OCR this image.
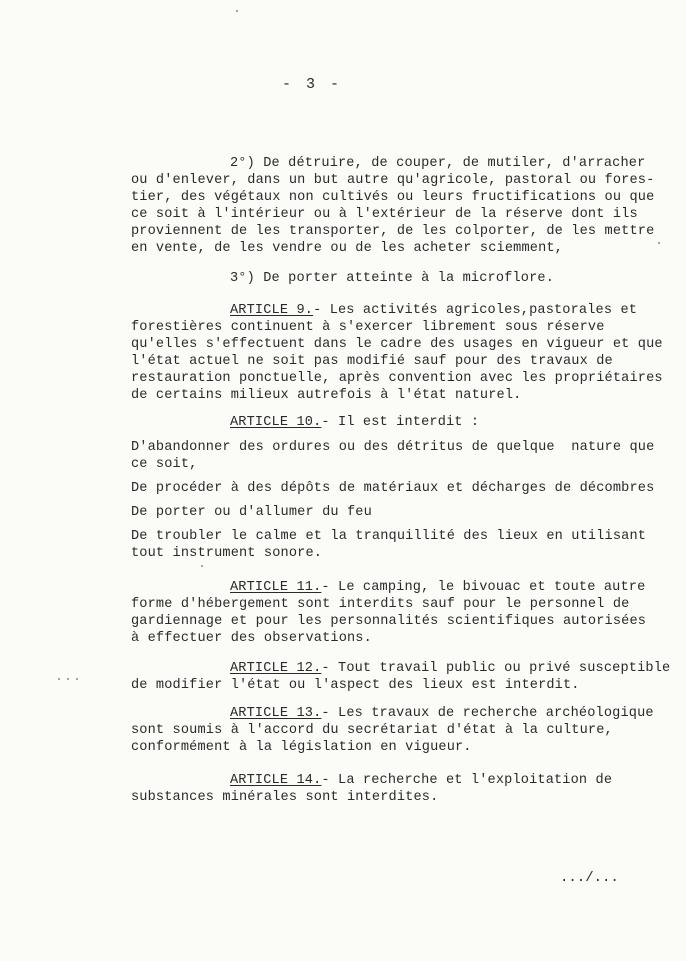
- 3 -
2°) De détruire, de couper, de mutiler, d'arracher
ou d'enlever, dans un but autre qu'agricole, pastoral ou fores-
tier, des végétaux non cultivés ou leurs fructifications ou que
ce soit à l'intérieur ou à l'extérieur de la réserve dont ils
proviennent de les transporter, de les colporter, de les mettre
en vente, de les vendre ou de les acheter sciemment,
3°) De porter atteinte à la microflore.
ARTICLE 9.- Les activités agricoles,pastorales et
forestières continuent à s'exercer librement sous réserve
qu'elles s'effectuent dans le cadre des usages en vigueur et que
l'état actuel ne soit pas modifié sauf pour des travaux de
restauration ponctuelle, après convention avec les propriétaires
de certains milieux autrefois à l'état naturel.
ARTICLE 10.- Il est interdit :
D'abandonner des ordures ou des détritus de quelque  nature que
ce soit,
De procéder à des dépôts de matériaux et décharges de décombres
De porter ou d'allumer du feu
De troubler le calme et la tranquillité des lieux en utilisant
tout instrument sonore.
ARTICLE 11.- Le camping, le bivouac et toute autre
forme d'hébergement sont interdits sauf pour le personnel de
gardiennage et pour les personnalités scientifiques autorisées
à effectuer des observations.
ARTICLE 12.- Tout travail public ou privé susceptible
de modifier l'état ou l'aspect des lieux est interdit.
ARTICLE 13.- Les travaux de recherche archéologique
sont soumis à l'accord du secrétariat d'état à la culture,
conformément à la législation en vigueur.
ARTICLE 14.- La recherche et l'exploitation de
substances minérales sont interdites.
.../...
